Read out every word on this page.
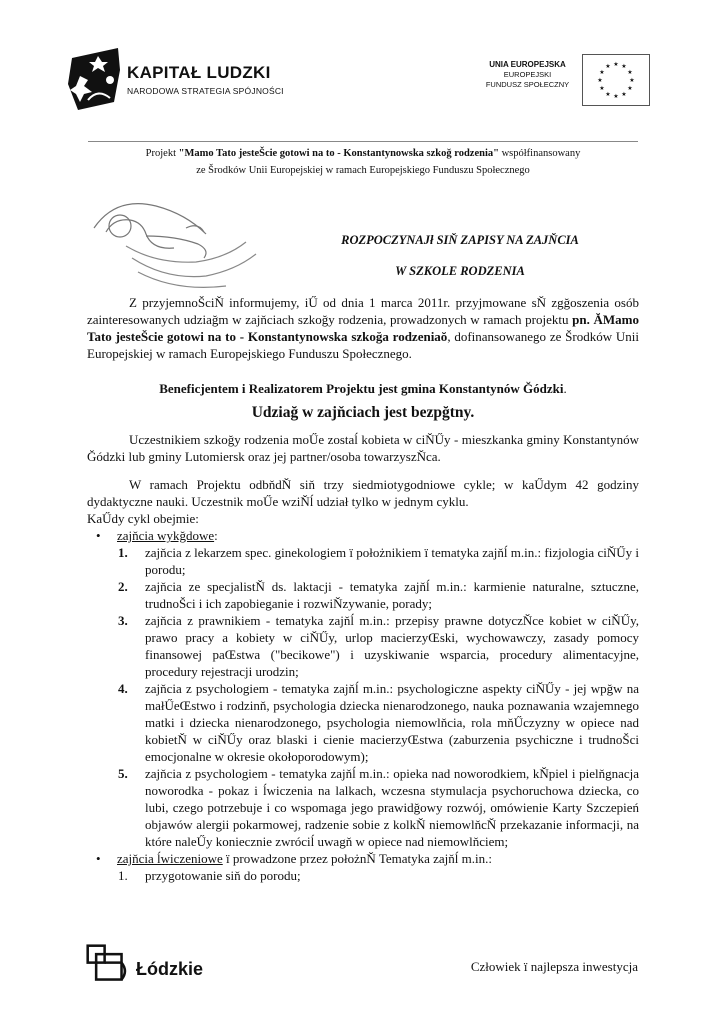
KAPITAŁ LUDZKI
NARODOWA STRATEGIA SPÓJNOŚCI
UNIA EUROPEJSKA
EUROPEJSKI
FUNDUSZ SPOŁECZNY
★ ★
★
★
★
★
★
★
★
★
★
★
Projekt "Mamo Tato jesteŠcie gotowi na to - Konstantynowska szkoğ rodzenia" współfinansowany
ze Šrodków Unii Europejskiej w ramach Europejskiego Funduszu Społecznego
ROZPOCZYNAJł SIŇ ZAPISY NA ZAJŇCIA
W SZKOLE RODZENIA

Z przyjemnoŠciŇ informujemy, iŰ od dnia 1 marca 2011r. przyjmowane sŇ zgğoszenia osób zainteresowanych udziağm w zajňciach szkoğy rodzenia, prowadzonych w ramach projektu pn. ĂMamo Tato jesteŠcie gotowi na to - Konstantynowska szkoğa rodzeniaŏ, dofinansowanego ze Šrodków Unii Europejskiej w ramach Europejskiego Funduszu Społecznego.

Beneficjentem i Realizatorem Projektu jest gmina Konstantynów Ğódzki.

Udziağ w zajňciach jest bezpğtny.

Uczestnikiem szkoğy rodzenia moŰe zostaĺ kobieta w ciŇŰy - mieszkanka gminy Konstantynów Ğódzki lub gminy Lutomiersk oraz jej partner/osoba towarzyszŇca.

W ramach Projektu odbňdŇ siň trzy siedmiotygodniowe cykle; w kaŰdym 42 godziny dydaktyczne nauki. Uczestnik moŰe wziŇĺ udział tylko w jednym cyklu.

KaŰdy cykl obejmie:

• zajňcia wykğdowe:
1. zajňcia z lekarzem spec. ginekologiem ï położnikiem ï tematyka zajňĺ m.in.: fizjologia ciŇŰy i porodu;
2. zajňcia ze specjalistŇ ds. laktacji - tematyka zajňĺ m.in.: karmienie naturalne, sztuczne, trudnoŠci i ich zapobieganie i rozwiŇzywanie, porady;
3. zajňcia z prawnikiem - tematyka zajňĺ m.in.: przepisy prawne dotyczŇce kobiet w ciŇŰy, prawo pracy a kobiety w ciŇŰy, urlop macierzyŒski, wychowawczy, zasady pomocy finansowej paŒstwa ("becikowe") i uzyskiwanie wsparcia, procedury alimentacyjne, procedury rejestracji urodzin;
4. zajňcia z psychologiem - tematyka zajňĺ m.in.: psychologiczne aspekty ciŇŰy - jej wpğw na małŰeŒstwo i rodzinň, psychologia dziecka nienarodzonego, nauka poznawania wzajemnego matki i dziecka nienarodzonego, psychologia niemowlňcia, rola mňŰczyzny w opiece nad kobietŇ w ciŇŰy oraz blaski i cienie macierzyŒstwa (zaburzenia psychiczne i trudnoŠci emocjonalne w okresie okołoporodowym);
5. zajňcia z psychologiem - tematyka zajňĺ m.in.: opieka nad noworodkiem, kŇpiel i pielňgnacja noworodka - pokaz i ĺwiczenia na lalkach, wczesna stymulacja psychoruchowa dziecka, co lubi, czego potrzebuje i co wspomaga jego prawidğowy rozwój, omówienie Karty Szczepień objawów alergii pokarmowej, radzenie sobie z kolkŇ niemowlňcŇ przekazanie informacji, na które naleŰy koniecznie zwróciĺ uwagň w opiece nad niemowlňciem;
• zajňcia ĺwiczeniowe ï prowadzone przez położnŇ Tematyka zajňĺ m.in.:
1. przygotowanie siň do porodu;
Łódzkie	Człowiek ï najlepsza inwestycja
